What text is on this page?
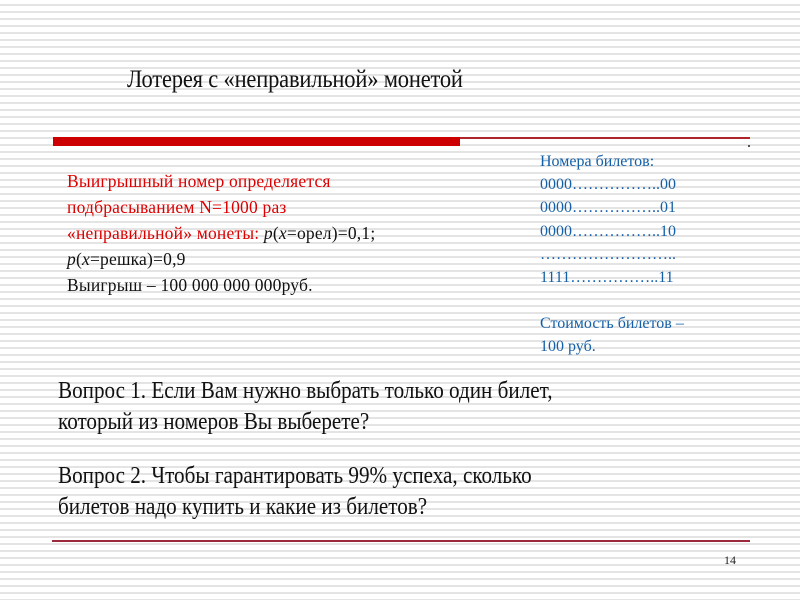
Лотерея с «неправильной» монетой
Выигрышный номер определяется
подбрасыванием N=1000 раз
«неправильной» монеты: p(x=орел)=0,1;
p(x=решка)=0,9
Выигрыш – 100 000 000 000руб.
Номера билетов:
0000……………..00
0000……………..01
0000……………..10
……………………..
1111……………..11
Стоимость билетов –
100 руб.
Вопрос 1. Если Вам нужно выбрать только один билет,
который из номеров Вы выберете?
Вопрос 2. Чтобы гарантировать 99% успеха, сколько
билетов надо купить и какие из билетов?
14
